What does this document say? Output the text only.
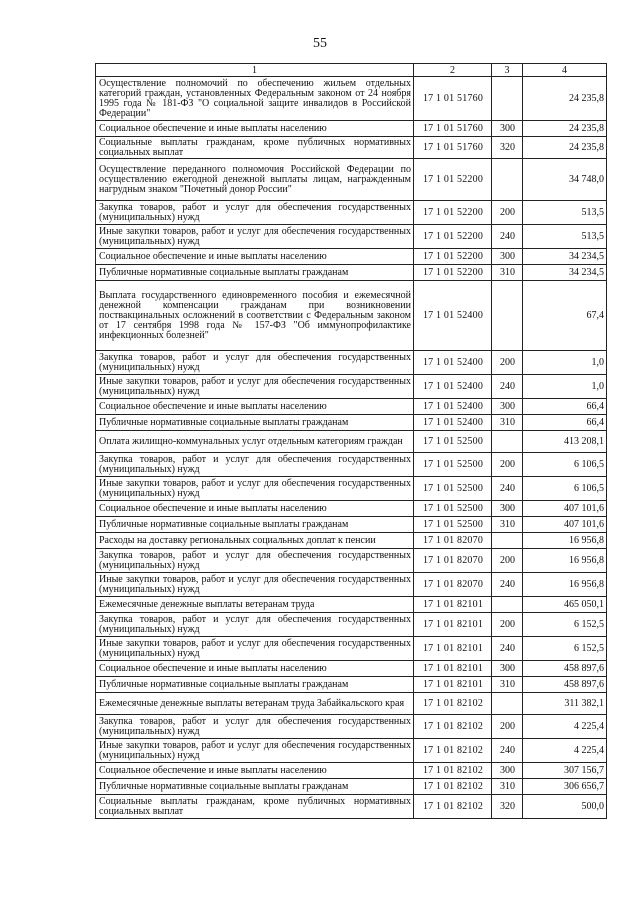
55
1	2	3	4
Осуществление полномочий по обеспечению жильем отдельных категорий граждан, установленных Федеральным законом от 24 ноября 1995 года № 181-ФЗ "О социальной защите инвалидов в Российской Федерации"	17 1 01 51760		24 235,8
Социальное обеспечение и иные выплаты населению	17 1 01 51760	300	24 235,8
Социальные выплаты гражданам, кроме публичных нормативных социальных выплат	17 1 01 51760	320	24 235,8
Осуществление переданного полномочия Российской Федерации по осуществлению ежегодной денежной выплаты лицам, награжденным нагрудным знаком "Почетный донор России"	17 1 01 52200		34 748,0
Закупка товаров, работ и услуг для обеспечения государственных (муниципальных) нужд	17 1 01 52200	200	513,5
Иные закупки товаров, работ и услуг для обеспечения государственных (муниципальных) нужд	17 1 01 52200	240	513,5
Социальное обеспечение и иные выплаты населению	17 1 01 52200	300	34 234,5
Публичные нормативные социальные выплаты гражданам	17 1 01 52200	310	34 234,5
Выплата государственного единовременного пособия и ежемесячной денежной компенсации гражданам при возникновении поствакцинальных осложнений в соответствии с Федеральным законом от 17 сентября 1998 года № 157-ФЗ "Об иммунопрофилактике инфекционных болезней"	17 1 01 52400		67,4
Закупка товаров, работ и услуг для обеспечения государственных (муниципальных) нужд	17 1 01 52400	200	1,0
Иные закупки товаров, работ и услуг для обеспечения государственных (муниципальных) нужд	17 1 01 52400	240	1,0
Социальное обеспечение и иные выплаты населению	17 1 01 52400	300	66,4
Публичные нормативные социальные выплаты гражданам	17 1 01 52400	310	66,4
Оплата жилищно-коммунальных услуг отдельным категориям граждан	17 1 01 52500		413 208,1
Закупка товаров, работ и услуг для обеспечения государственных (муниципальных) нужд	17 1 01 52500	200	6 106,5
Иные закупки товаров, работ и услуг для обеспечения государственных (муниципальных) нужд	17 1 01 52500	240	6 106,5
Социальное обеспечение и иные выплаты населению	17 1 01 52500	300	407 101,6
Публичные нормативные социальные выплаты гражданам	17 1 01 52500	310	407 101,6
Расходы на доставку региональных социальных доплат к пенсии	17 1 01 82070		16 956,8
Закупка товаров, работ и услуг для обеспечения государственных (муниципальных) нужд	17 1 01 82070	200	16 956,8
Иные закупки товаров, работ и услуг для обеспечения государственных (муниципальных) нужд	17 1 01 82070	240	16 956,8
Ежемесячные денежные выплаты ветеранам труда	17 1 01 82101		465 050,1
Закупка товаров, работ и услуг для обеспечения государственных (муниципальных) нужд	17 1 01 82101	200	6 152,5
Иные закупки товаров, работ и услуг для обеспечения государственных (муниципальных) нужд	17 1 01 82101	240	6 152,5
Социальное обеспечение и иные выплаты населению	17 1 01 82101	300	458 897,6
Публичные нормативные социальные выплаты гражданам	17 1 01 82101	310	458 897,6
Ежемесячные денежные выплаты ветеранам труда Забайкальского края	17 1 01 82102		311 382,1
Закупка товаров, работ и услуг для обеспечения государственных (муниципальных) нужд	17 1 01 82102	200	4 225,4
Иные закупки товаров, работ и услуг для обеспечения государственных (муниципальных) нужд	17 1 01 82102	240	4 225,4
Социальное обеспечение и иные выплаты населению	17 1 01 82102	300	307 156,7
Публичные нормативные социальные выплаты гражданам	17 1 01 82102	310	306 656,7
Социальные выплаты гражданам, кроме публичных нормативных социальных выплат	17 1 01 82102	320	500,0
